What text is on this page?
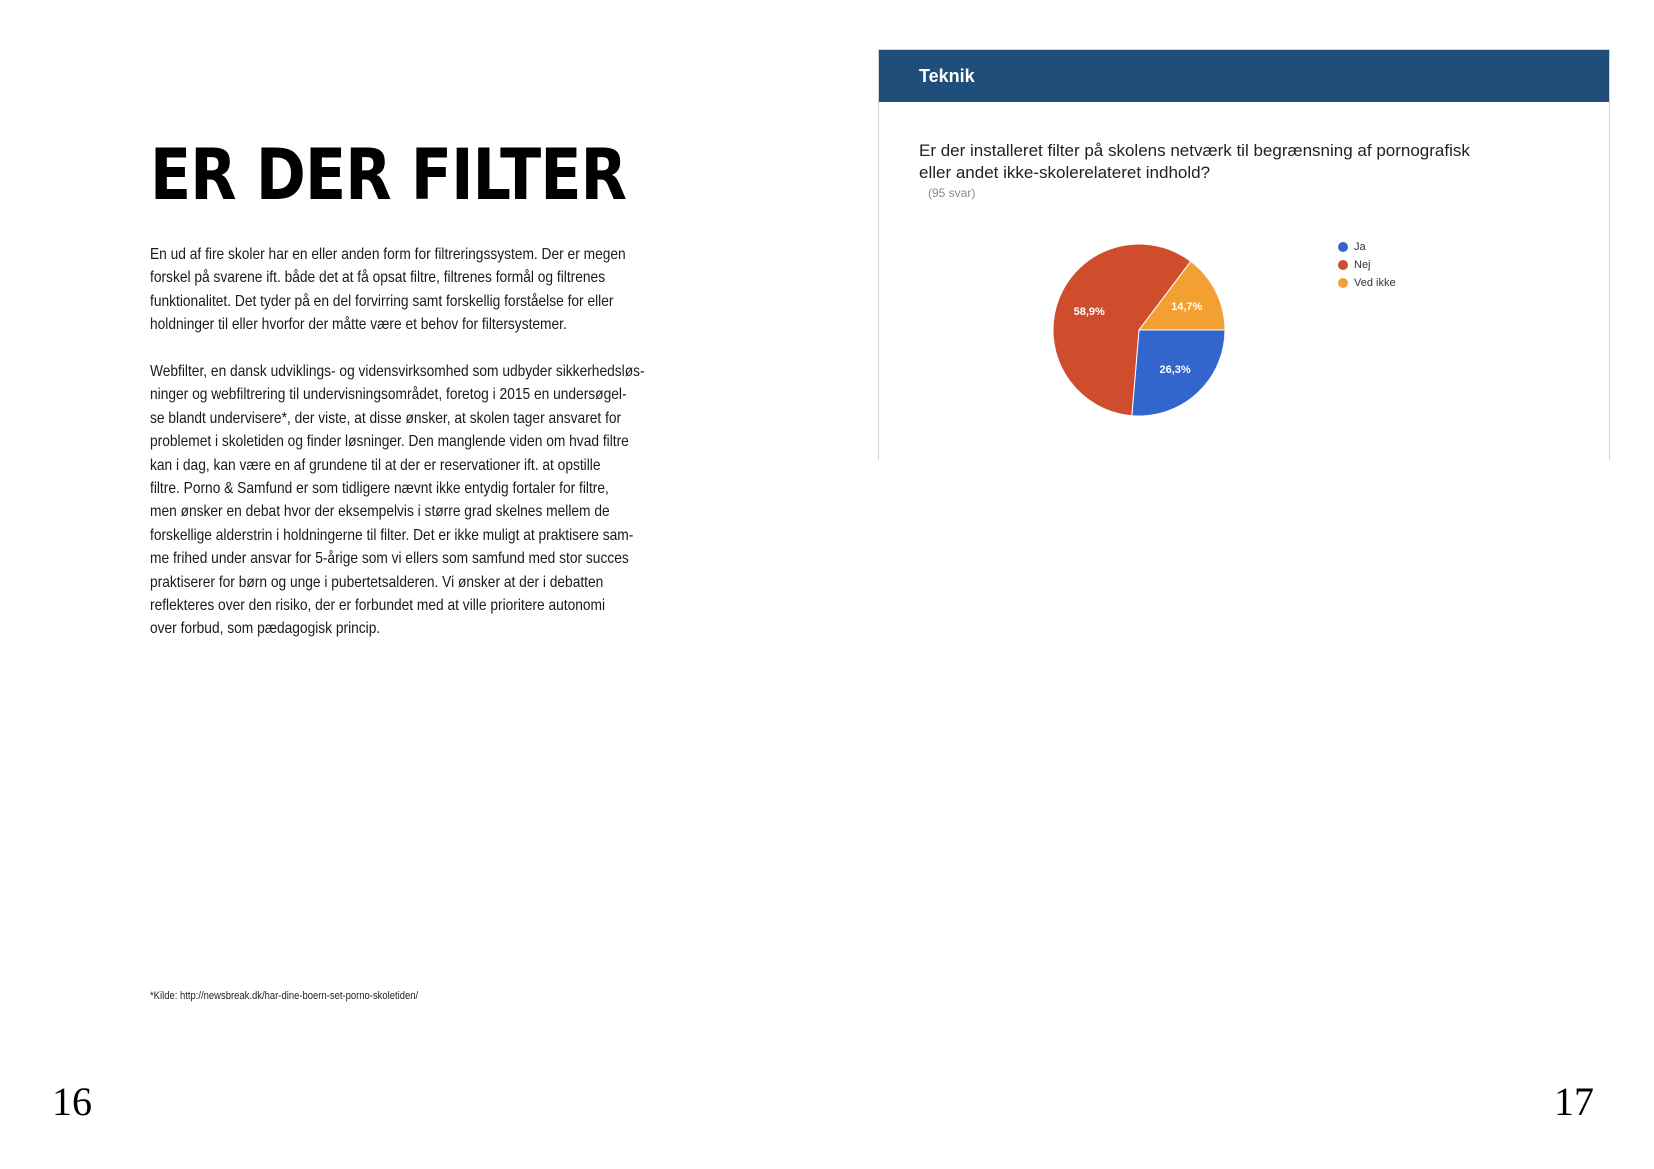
ER DER FILTER

En ud af fire skoler har en eller anden form for filtreringssystem. Der er megen
forskel på svarene ift. både det at få opsat filtre, filtrenes formål og filtrenes
funktionalitet. Det tyder på en del forvirring samt forskellig forståelse for eller
holdninger til eller hvorfor der måtte være et behov for filtersystemer.

Webfilter, en dansk udviklings- og vidensvirksomhed som udbyder sikkerhedsløs-
ninger og webfiltrering til undervisningsområdet, foretog i 2015 en undersøgel-
se blandt undervisere*, der viste, at disse ønsker, at skolen tager ansvaret for
problemet i skoletiden og finder løsninger. Den manglende viden om hvad filtre
kan i dag, kan være en af grundene til at der er reservationer ift. at opstille
filtre. Porno & Samfund er som tidligere nævnt ikke entydig fortaler for filtre,
men ønsker en debat hvor der eksempelvis i større grad skelnes mellem de
forskellige alderstrin i holdningerne til filter. Det er ikke muligt at praktisere sam-
me frihed under ansvar for 5-årige som vi ellers som samfund med stor succes
praktiserer for børn og unge i pubertetsalderen. Vi ønsker at der i debatten
reflekteres over den risiko, der er forbundet med at ville prioritere autonomi
over forbud, som pædagogisk princip.

*Kilde: http://newsbreak.dk/har-dine-boern-set-porno-skoletiden/

16	17

Teknik

Er der installeret filter på skolens netværk til begrænsning af pornografisk
eller andet ikke-skolerelateret indhold?

(95 svar)

26,3%
58,9%	14,7%
Ja
Nej
Ved ikke
